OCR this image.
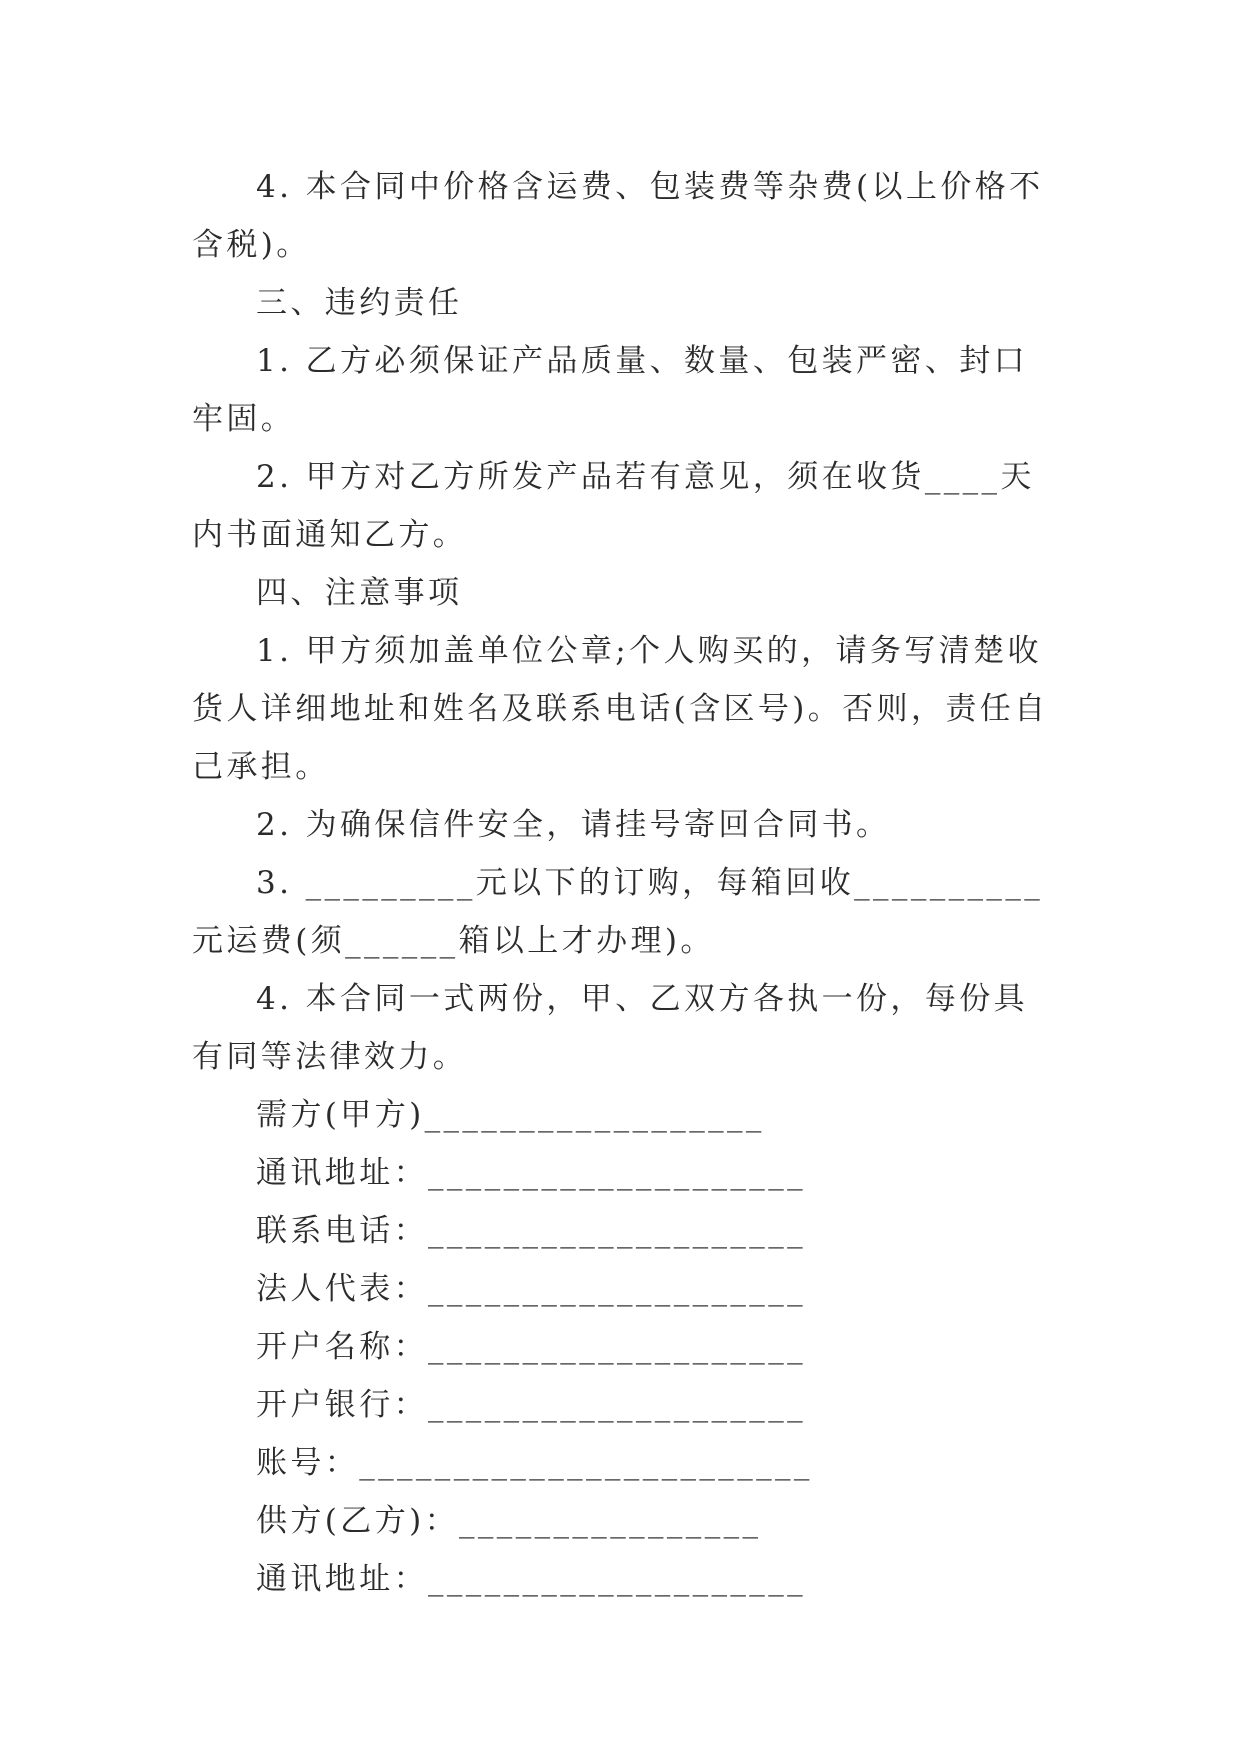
4. 本合同中价格含运费、包装费等杂费(以上价格不含税)。

三、违约责任

1. 乙方必须保证产品质量、数量、包装严密、封口牢固。

2. 甲方对乙方所发产品若有意见，须在收货____天内书面通知乙方。

四、注意事项

1. 甲方须加盖单位公章;个人购买的，请务写清楚收货人详细地址和姓名及联系电话(含区号)。否则，责任自己承担。

2. 为确保信件安全，请挂号寄回合同书。

3. _________元以下的订购，每箱回收__________元运费(须______箱以上才办理)。

4. 本合同一式两份，甲、乙双方各执一份，每份具有同等法律效力。

需方(甲方)__________________

通讯地址：____________________

联系电话：____________________

法人代表：____________________

开户名称：____________________

开户银行：____________________

账号：________________________

供方(乙方)：________________

通讯地址：____________________
